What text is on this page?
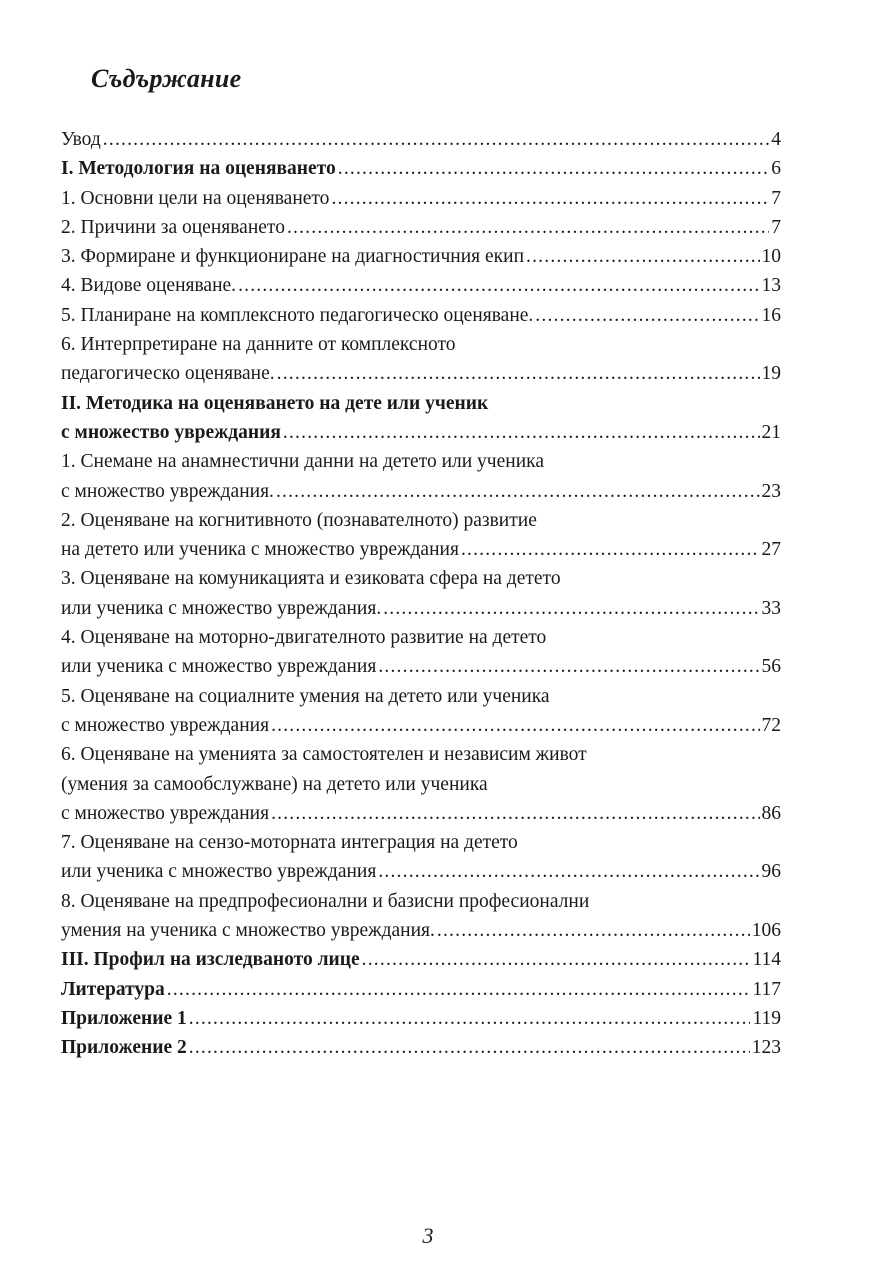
Съдържание
Увод .....	4
I. Методология на оценяването .....	6
1. Основни цели на оценяването .....	7
2. Причини за оценяването .....	7
3. Формиране и функциониране на диагностичния екип .....	10
4. Видове оценяване. .....	13
5. Планиране на комплексното педагогическо оценяване. .....	16
6. Интерпретиране на данните от комплексното
педагогическо оценяване. .....	19
II. Методика на оценяването на дете или ученик
с множество увреждания .....	21
1. Снемане на анамнестични данни на детето или ученика
с множество увреждания. .....	23
2. Оценяване на когнитивното (познавателното) развитие
на детето или ученика с множество увреждания .....	27
3. Оценяване на комуникацията и езиковата сфера на детето
или ученика с множество увреждания. .....	33
4. Оценяване на моторно-двигателното развитие на детето
или ученика с множество увреждания .....	56
5. Оценяване на социалните умения на детето или ученика
с множество увреждания .....	72
6. Оценяване на уменията за самостоятелен и независим живот
(умения за самообслужване) на детето или ученика
с множество увреждания .....	86
7. Оценяване на сензо-моторната интеграция на детето
или ученика с множество увреждания .....	96
8. Оценяване на предпрофесионални и базисни професионални
умения на ученика с множество увреждания. .....	106
III. Профил на изследваното лице .....	114
Литература .....	117
Приложение 1 .....	119
Приложение 2 .....	123
3
